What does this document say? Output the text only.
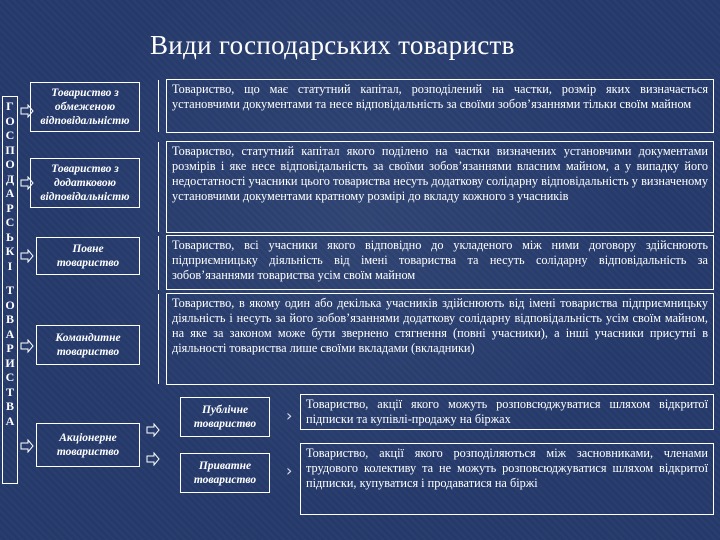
Види господарських товариств
Г
О
С
П
О
Д
А
Р
С
Ь
К
І
Т
О
В
А
Р
И
С
Т
В
А
Товариство з обмеженою відповідальністю
Товариство з додатковою відповідальністю
Повне товариство
Командитне товариство
Акціонерне товариство
Товариство, що має статутний капітал, розподілений на частки, розмір яких визначається установчими документами та несе відповідальність за своїми зобов’язаннями тільки своїм майном
Товариство, статутний капітал якого поділено на частки визначених установчими документами розмірів і яке несе відповідальність за своїми зобов’язаннями власним майном, а у випадку його недостатності учасники цього товариства несуть додаткову солідарну відповідальність у визначеному установчими документами кратному розмірі до вкладу кожного з учасників
Товариство, всі учасники якого відповідно до укладеного між ними договору здійснюють підприємницьку діяльність від імені товариства та несуть солідарну відповідальність за зобов’язаннями товариства усім своїм майном
Товариство, в якому один або декілька учасників здійснюють від імені товариства підприємницьку діяльність і несуть за його зобов’язаннями додаткову солідарну відповідальність усім своїм майном, на яке за законом може бути звернено стягнення (повні учасники), а інші учасники присутні в діяльності товариства лише своїми вкладами (вкладники)
Публічне товариство
Приватне товариство
›
›
Товариство, акції якого можуть розповсюджуватися шляхом відкритої підписки та купівлі-продажу на біржах
Товариство, акції якого розподіляються між засновниками, членами трудового колективу та не можуть розповсюджуватися шляхом відкритої підписки, купуватися і продаватися на біржі
